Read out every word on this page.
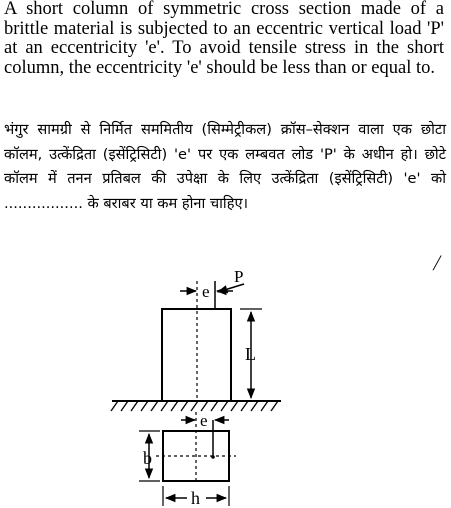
A short column of symmetric cross section made of a brittle material is subjected to an eccentric vertical load 'P' at an eccentricity 'e'. To avoid tensile stress in the short column, the eccentricity 'e' should be less than or equal to.

भंगुर सामग्री से निर्मित सममितीय (सिम्मेट्रीकल) क्रॉस–सेक्शन वाला एक छोटा कॉलम, उत्केंद्रिता (इसेंट्रिसिटी) 'e' पर एक लम्बवत लोड 'P' के अधीन हो। छोटे कॉलम में तनन प्रतिबल की उपेक्षा के लिए उत्केंद्रिता (इसेंट्रिसिटी) 'e' को ................. के बराबर या कम होना चाहिए।

/
e
P
L
e
b
h
